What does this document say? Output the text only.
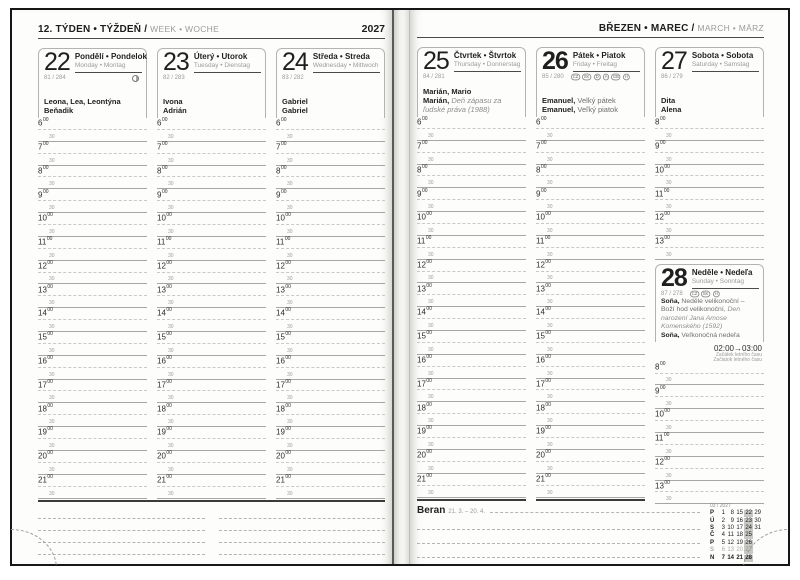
12. TÝDEN • TÝŽDEŇ / WEEK • WOCHE	2027
22 Pondělí • Pondelok
Monday • Montag
81 / 284
Leona, Lea, Leontýna
Beňadik
$6^{00}$
30
$7^{00}$
30
$8^{00}$
30
$9^{00}$
30
$10^{00}$
30
$11^{00}$
30
$12^{00}$
30
$13^{00}$
30
$14^{00}$
30
$15^{00}$
30
$16^{00}$
30
$17^{00}$
30
$18^{00}$
30
$19^{00}$
30
$20^{00}$
30
$21^{00}$
30
23 Úterý • Utorok
Tuesday • Dienstag
82 / 283
Ivona
Adrián
$6^{00}$
30
$7^{00}$
30
$8^{00}$
30
$9^{00}$
30
$10^{00}$
30
$11^{00}$
30
$12^{00}$
30
$13^{00}$
30
$14^{00}$
30
$15^{00}$
30
$16^{00}$
30
$17^{00}$
30
$18^{00}$
30
$19^{00}$
30
$20^{00}$
30
$21^{00}$
30
24 Středa • Streda
Wednesday • Mittwoch
83 / 282
Gabriel
Gabriel
$6^{00}$
30
$7^{00}$
30
$8^{00}$
30
$9^{00}$
30
$10^{00}$
30
$11^{00}$
30
$12^{00}$
30
$13^{00}$
30
$14^{00}$
30
$15^{00}$
30
$16^{00}$
30
$17^{00}$
30
$18^{00}$
30
$19^{00}$
30
$20^{00}$
30
$21^{00}$
30
BŘEZEN • MAREC / MARCH • MÄRZ
25 Čtvrtek • Štvrtok
Thursday • Donnerstag
84 / 281
Marián, Mario
Marián, Deň zápasu za ľudské práva (1988)
$6^{00}$
30
$7^{00}$
30
$8^{00}$
30
$9^{00}$
30
$10^{00}$
30
$11^{00}$
30
$12^{00}$
30
$13^{00}$
30
$14^{00}$
30
$15^{00}$
30
$16^{00}$
30
$17^{00}$
30
$18^{00}$
30
$19^{00}$
30
$20^{00}$
30
$21^{00}$
30
26 Pátek • Piatok
Friday • Freitag
85 / 280	CZ	SK	D	A	GB	H
Emanuel, Velký pátek
Emanuel, Veľký piatok
$6^{00}$
30
$7^{00}$
30
$8^{00}$
30
$9^{00}$
30
$10^{00}$
30
$11^{00}$
30
$12^{00}$
30
$13^{00}$
30
$14^{00}$
30
$15^{00}$
30
$16^{00}$
30
$17^{00}$
30
$18^{00}$
30
$19^{00}$
30
$20^{00}$
30
$21^{00}$
30
27 Sobota • Sobota
Saturday • Samstag
86 / 279
Dita
Alena
$8^{00}$
30
$9^{00}$
30
$10^{00}$
30
$11^{00}$
30
$12^{00}$
30
$13^{00}$
30
28 Neděle • Nedeľa
Sunday • Sonntag
87 / 278	CZ	SK	H
Soňa, Neděle velikonoční – Boží hod velikonoční, Den narození Jana Amose Komenského (1592)
Soňa, Veľkonočná nedeľa
02:00→03:00
Začátek letního času
Začiatok letného času
$8^{00}$
30
$9^{00}$
30
$10^{00}$
30
$11^{00}$
30
$12^{00}$
30
$13^{00}$
30
Beran 21. 3. – 20. 4.
03 / 2027
P	1 8 15 22 29
Ú	2 9 16 23 30
S	3 10 17 24 31
Č	4 11 18 25
P	5 12 19 26
S	6 13 20 27
N	7 14 21 28
